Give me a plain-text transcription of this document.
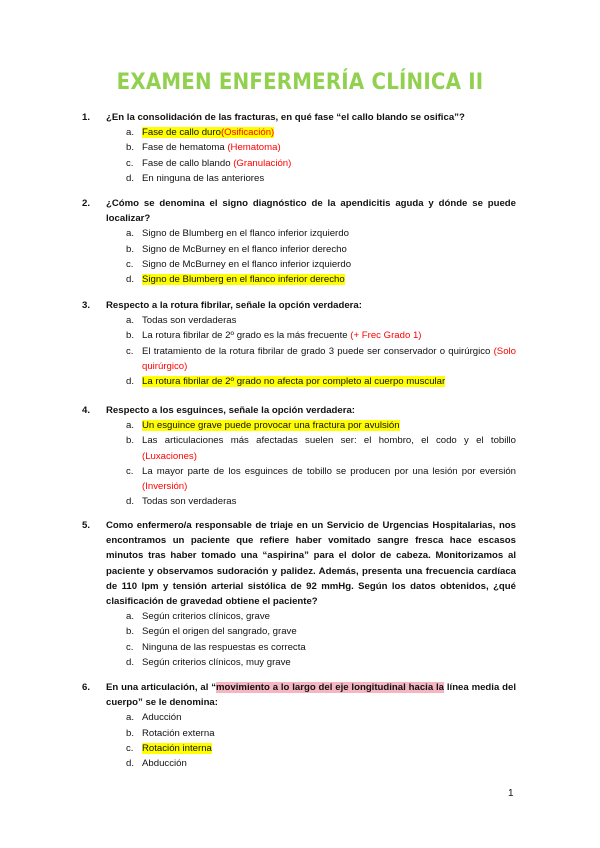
EXAMEN ENFERMERÍA CLÍNICA II
1. ¿En la consolidación de las fracturas, en qué fase “el callo blando se osifica”?
a. Fase de callo duro(Osificación)
b. Fase de hematoma (Hematoma)
c. Fase de callo blando (Granulación)
d. En ninguna de las anteriores
2. ¿Cómo se denomina el signo diagnóstico de la apendicitis aguda y dónde se puede localizar?
a. Signo de Blumberg en el flanco inferior izquierdo
b. Signo de McBurney en el flanco inferior derecho
c. Signo de McBurney en el flanco inferior izquierdo
d. Signo de Blumberg en el flanco inferior derecho
3. Respecto a la rotura fibrilar, señale la opción verdadera:
a. Todas son verdaderas
b. La rotura fibrilar de 2º grado es la más frecuente (+ Frec Grado 1)
c. El tratamiento de la rotura fibrilar de grado 3 puede ser conservador o quirúrgico (Solo quirúrgico)
d. La rotura fibrilar de 2º grado no afecta por completo al cuerpo muscular
4. Respecto a los esguinces, señale la opción verdadera:
a. Un esguince grave puede provocar una fractura por avulsión
b. Las articulaciones más afectadas suelen ser: el hombro, el codo y el tobillo (Luxaciones)
c. La mayor parte de los esguinces de tobillo se producen por una lesión por eversión (Inversión)
d. Todas son verdaderas
5. Como enfermero/a responsable de triaje en un Servicio de Urgencias Hospitalarias, nos encontramos un paciente que refiere haber vomitado sangre fresca hace escasos minutos tras haber tomado una “aspirina” para el dolor de cabeza. Monitorizamos al paciente y observamos sudoración y palidez. Además, presenta una frecuencia cardíaca de 110 lpm y tensión arterial sistólica de 92 mmHg. Según los datos obtenidos, ¿qué clasificación de gravedad obtiene el paciente?
a. Según criterios clínicos, grave
b. Según el origen del sangrado, grave
c. Ninguna de las respuestas es correcta
d. Según criterios clínicos, muy grave
6. En una articulación, al “movimiento a lo largo del eje longitudinal hacia la línea media del cuerpo” se le denomina:
a. Aducción
b. Rotación externa
c. Rotación interna
d. Abducción
1
